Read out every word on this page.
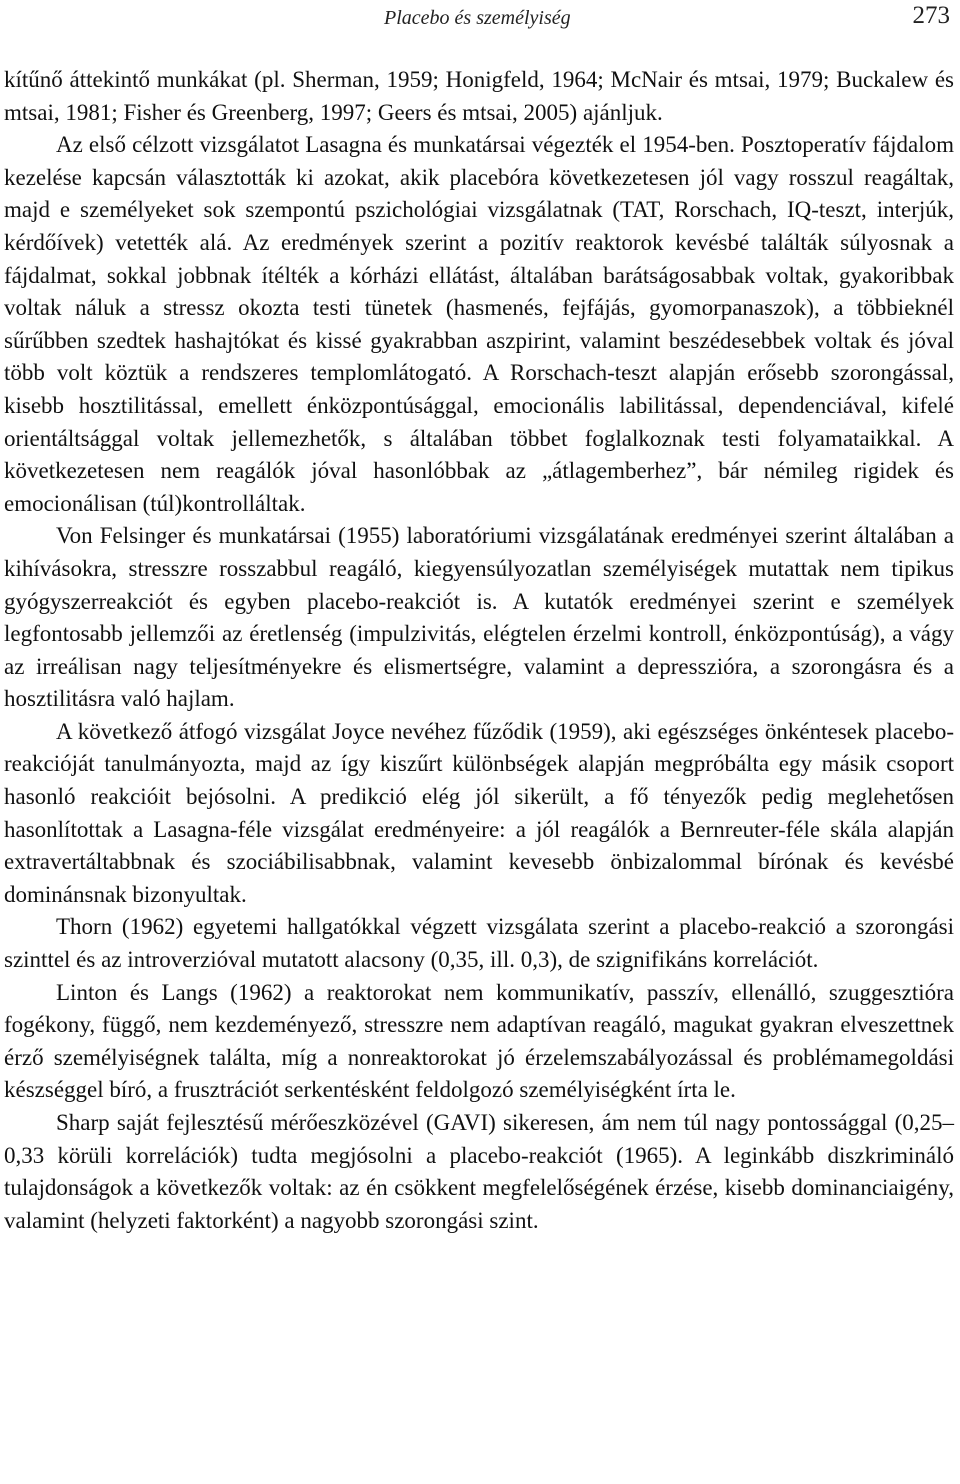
Placebo és személyiség	273

kítűnő áttekintő munkákat (pl. Sherman, 1959; Honigfeld, 1964; McNair és mtsai, 1979; Buckalew és mtsai, 1981; Fisher és Greenberg, 1997; Geers és mtsai, 2005) ajánljuk.

Az első célzott vizsgálatot Lasagna és munkatársai végezték el 1954-ben. Posztoperatív fájdalom kezelése kapcsán választották ki azokat, akik placebóra következetesen jól vagy rosszul reagáltak, majd e személyeket sok szempontú pszichológiai vizsgálatnak (TAT, Rorschach, IQ-teszt, interjúk, kérdőívek) vetették alá. Az eredmények szerint a pozitív reaktorok kevésbé találták súlyosnak a fájdalmat, sokkal jobbnak ítélték a kórházi ellátást, általában barátságosabbak voltak, gyakoribbak voltak náluk a stressz okozta testi tünetek (hasmenés, fejfájás, gyomorpanaszok), a többieknél sűrűbben szedtek hashajtókat és kissé gyakrabban aszpirint, valamint beszédesebbek voltak és jóval több volt köztük a rendszeres templomlátogató. A Rorschach-teszt alapján erősebb szorongással, kisebb hosztilitással, emellett énközpontúsággal, emocionális labilitással, dependenciával, kifelé orientáltsággal voltak jellemezhetők, s általában többet foglalkoznak testi folyamataikkal. A következetesen nem reagálók jóval hasonlóbbak az „átlagemberhez”, bár némileg rigidek és emocionálisan (túl)kontrolláltak.

Von Felsinger és munkatársai (1955) laboratóriumi vizsgálatának eredményei szerint általában a kihívásokra, stresszre rosszabbul reagáló, kiegyensúlyozatlan személyiségek mutattak nem tipikus gyógyszerreakciót és egyben placebo-reakciót is. A kutatók eredményei szerint e személyek legfontosabb jellemzői az éretlenség (impulzivitás, elégtelen érzelmi kontroll, énközpontúság), a vágy az irreálisan nagy teljesítményekre és elismertségre, valamint a depresszióra, a szorongásra és a hosztilitásra való hajlam.

A következő átfogó vizsgálat Joyce nevéhez fűződik (1959), aki egészséges önkéntesek placebo-reakcióját tanulmányozta, majd az így kiszűrt különbségek alapján megpróbálta egy másik csoport hasonló reakcióit bejósolni. A predikció elég jól sikerült, a fő tényezők pedig meglehetősen hasonlítottak a Lasagna-féle vizsgálat eredményeire: a jól reagálók a Bernreuter-féle skála alapján extravertáltabbnak és szociábilisabbnak, valamint kevesebb önbizalommal bírónak és kevésbé dominánsnak bizonyultak.

Thorn (1962) egyetemi hallgatókkal végzett vizsgálata szerint a placebo-reakció a szorongási szinttel és az introverzióval mutatott alacsony (0,35, ill. 0,3), de szignifikáns korrelációt.

Linton és Langs (1962) a reaktorokat nem kommunikatív, passzív, ellenálló, szuggesztióra fogékony, függő, nem kezdeményező, stresszre nem adaptívan reagáló, magukat gyakran elveszettnek érző személyiségnek találta, míg a nonreaktorokat jó érzelemszabályozással és problémamegoldási készséggel bíró, a frusztrációt serkentésként feldolgozó személyiségként írta le.

Sharp saját fejlesztésű mérőeszközével (GAVI) sikeresen, ám nem túl nagy pontossággal (0,25–0,33 körüli korrelációk) tudta megjósolni a placebo-reakciót (1965). A leginkább diszkrimináló tulajdonságok a következők voltak: az én csökkent megfelelőségének érzése, kisebb dominanciaigény, valamint (helyzeti faktorként) a nagyobb szorongási szint.
